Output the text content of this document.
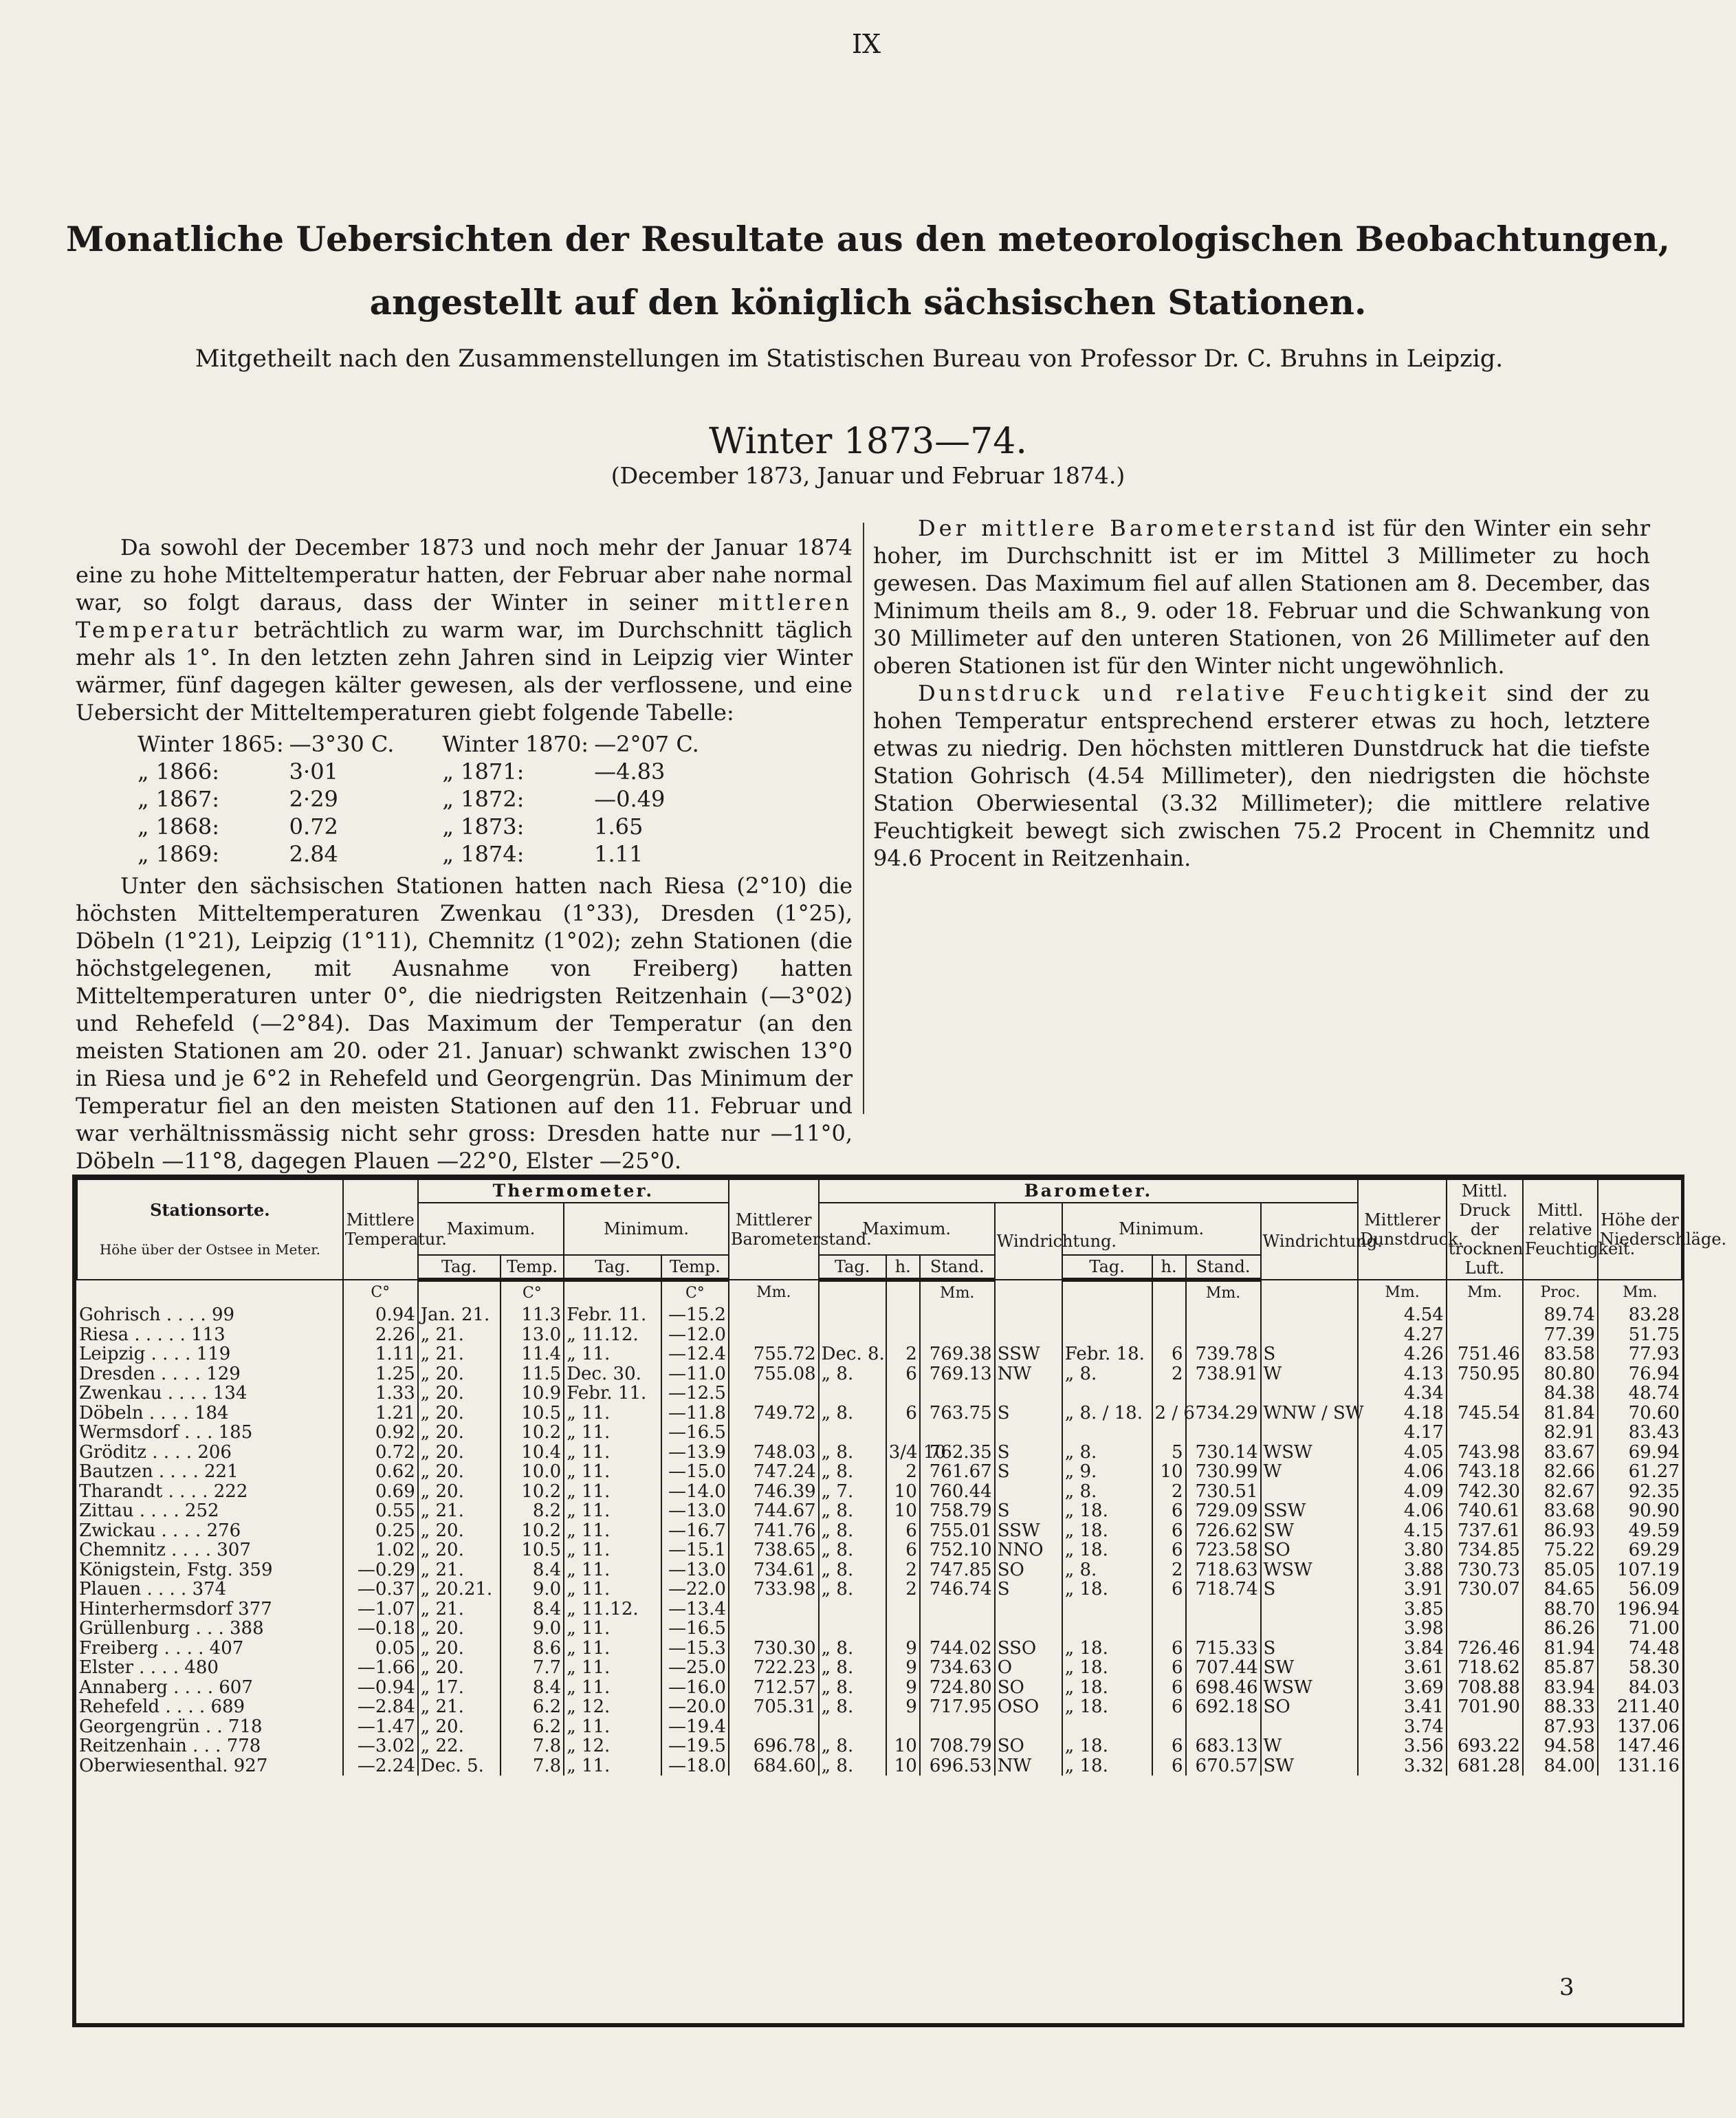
IX
Monatliche Uebersichten der Resultate aus den meteorologischen Beobachtungen,
angestellt auf den königlich sächsischen Stationen.
Mitgetheilt nach den Zusammenstellungen im Statistischen Bureau von Professor Dr. C. Bruhns in Leipzig.
Winter 1873—74.
(December 1873, Januar und Februar 1874.)

Da sowohl der December 1873 und noch mehr der Januar 1874 eine zu hohe Mitteltemperatur hatten, der Februar aber nahe normal war, so folgt daraus, dass der Winter in seiner mittleren Temperatur beträchtlich zu warm war, im Durchschnitt täglich mehr als 1°. In den letzten zehn Jahren sind in Leipzig vier Winter wärmer, fünf dagegen kälter gewesen, als der verflossene, und eine Uebersicht der Mitteltemperaturen giebt folgende Tabelle:

Winter 1865:	—3°30 C.	Winter 1870:	—2°07 C.
„ 1866:	3·01	„ 1871:	—4.83
„ 1867:	2·29	„ 1872:	—0.49
„ 1868:	0.72	„ 1873:	1.65
„ 1869:	2.84	„ 1874:	1.11

Unter den sächsischen Stationen hatten nach Riesa (2°10) die höchsten Mitteltemperaturen Zwenkau (1°33), Dresden (1°25), Döbeln (1°21), Leipzig (1°11), Chemnitz (1°02); zehn Stationen (die höchstgelegenen, mit Ausnahme von Freiberg) hatten Mitteltemperaturen unter 0°, die niedrigsten Reitzenhain (—3°02) und Rehefeld (—2°84). Das Maximum der Temperatur (an den meisten Stationen am 20. oder 21. Januar) schwankt zwischen 13°0 in Riesa und je 6°2 in Rehefeld und Georgengrün. Das Minimum der Temperatur fiel an den meisten Stationen auf den 11. Februar und war verhältnissmässig nicht sehr gross: Dresden hatte nur —11°0, Döbeln —11°8, dagegen Plauen —22°0, Elster —25°0.

Der mittlere Barometerstand ist für den Winter ein sehr hoher, im Durchschnitt ist er im Mittel 3 Millimeter zu hoch gewesen. Das Maximum fiel auf allen Stationen am 8. December, das Minimum theils am 8., 9. oder 18. Februar und die Schwankung von 30 Millimeter auf den unteren Stationen, von 26 Millimeter auf den oberen Stationen ist für den Winter nicht ungewöhnlich.

Dunstdruck und relative Feuchtigkeit sind der zu hohen Temperatur entsprechend ersterer etwas zu hoch, letztere etwas zu niedrig. Den höchsten mittleren Dunstdruck hat die tiefste Station Gohrisch (4.54 Millimeter), den niedrigsten die höchste Station Oberwiesental (3.32 Millimeter); die mittlere relative Feuchtigkeit bewegt sich zwischen 75.2 Procent in Chemnitz und 94.6 Procent in Reitzenhain.

Stationsorte.

Höhe über der Ostsee in Meter.	Mittlere Temperatur.	Thermometer.				Mittlerer Barometerstand.	Barometer.								Mittlerer Dunstdruck.	Mittl. Druck der trocknen Luft.	Mittl. relative Feuchtigkeit.	Höhe der Niederschläge.
		Maximum.		Minimum.			Maximum.			Windrichtung.	Minimum.			Windrichtung.				
		Tag.	Temp.	Tag.	Temp.		Tag.	h.	Stand.		Tag.	h.	Stand.					
	C°		C°		C°	Mm.			Mm.				Mm.		Mm.	Mm.	Proc.	Mm.
Gohrisch . . . . 99	0.94	Jan. 21.	11.3	Febr. 11.	—15.2										4.54		89.74	83.28
Riesa . . . . . 113	2.26	„ 21.	13.0	„ 11.12.	—12.0										4.27		77.39	51.75
Leipzig . . . . 119	1.11	„ 21.	11.4	„ 11.	—12.4	755.72	Dec. 8.	2	769.38	SSW	Febr. 18.	6	739.78	S	4.26	751.46	83.58	77.93
Dresden . . . . 129	1.25	„ 20.	11.5	Dec. 30.	—11.0	755.08	„ 8.	6	769.13	NW	„ 8.	2	738.91	W	4.13	750.95	80.80	76.94
Zwenkau . . . . 134	1.33	„ 20.	10.9	Febr. 11.	—12.5										4.34		84.38	48.74
Döbeln . . . . 184	1.21	„ 20.	10.5	„ 11.	—11.8	749.72	„ 8.	6	763.75	S	„ 8. / 18.	2 / 6	734.29	WNW / SW	4.18	745.54	81.84	70.60
Wermsdorf . . . 185	0.92	„ 20.	10.2	„ 11.	—16.5										4.17		82.91	83.43
Gröditz . . . . 206	0.72	„ 20.	10.4	„ 11.	—13.9	748.03	„ 8.	3/4 10	762.35	S	„ 8.	5	730.14	WSW	4.05	743.98	83.67	69.94
Bautzen . . . . 221	0.62	„ 20.	10.0	„ 11.	—15.0	747.24	„ 8.	2	761.67	S	„ 9.	10	730.99	W	4.06	743.18	82.66	61.27
Tharandt . . . . 222	0.69	„ 20.	10.2	„ 11.	—14.0	746.39	„ 7.	10	760.44		„ 8.	2	730.51		4.09	742.30	82.67	92.35
Zittau . . . . 252	0.55	„ 21.	8.2	„ 11.	—13.0	744.67	„ 8.	10	758.79	S	„ 18.	6	729.09	SSW	4.06	740.61	83.68	90.90
Zwickau . . . . 276	0.25	„ 20.	10.2	„ 11.	—16.7	741.76	„ 8.	6	755.01	SSW	„ 18.	6	726.62	SW	4.15	737.61	86.93	49.59
Chemnitz . . . . 307	1.02	„ 20.	10.5	„ 11.	—15.1	738.65	„ 8.	6	752.10	NNO	„ 18.	6	723.58	SO	3.80	734.85	75.22	69.29
Königstein, Fstg. 359	—0.29	„ 21.	8.4	„ 11.	—13.0	734.61	„ 8.	2	747.85	SO	„ 8.	2	718.63	WSW	3.88	730.73	85.05	107.19
Plauen . . . . 374	—0.37	„ 20.21.	9.0	„ 11.	—22.0	733.98	„ 8.	2	746.74	S	„ 18.	6	718.74	S	3.91	730.07	84.65	56.09
Hinterhermsdorf 377	—1.07	„ 21.	8.4	„ 11.12.	—13.4										3.85		88.70	196.94
Grüllenburg . . . 388	—0.18	„ 20.	9.0	„ 11.	—16.5										3.98		86.26	71.00
Freiberg . . . . 407	0.05	„ 20.	8.6	„ 11.	—15.3	730.30	„ 8.	9	744.02	SSO	„ 18.	6	715.33	S	3.84	726.46	81.94	74.48
Elster . . . . 480	—1.66	„ 20.	7.7	„ 11.	—25.0	722.23	„ 8.	9	734.63	O	„ 18.	6	707.44	SW	3.61	718.62	85.87	58.30
Annaberg . . . . 607	—0.94	„ 17.	8.4	„ 11.	—16.0	712.57	„ 8.	9	724.80	SO	„ 18.	6	698.46	WSW	3.69	708.88	83.94	84.03
Rehefeld . . . . 689	—2.84	„ 21.	6.2	„ 12.	—20.0	705.31	„ 8.	9	717.95	OSO	„ 18.	6	692.18	SO	3.41	701.90	88.33	211.40
Georgengrün . . 718	—1.47	„ 20.	6.2	„ 11.	—19.4										3.74		87.93	137.06
Reitzenhain . . . 778	—3.02	„ 22.	7.8	„ 12.	—19.5	696.78	„ 8.	10	708.79	SO	„ 18.	6	683.13	W	3.56	693.22	94.58	147.46
Oberwiesenthal. 927	—2.24	Dec. 5.	7.8	„ 11.	—18.0	684.60	„ 8.	10	696.53	NW	„ 18.	6	670.57	SW	3.32	681.28	84.00	131.16
3
